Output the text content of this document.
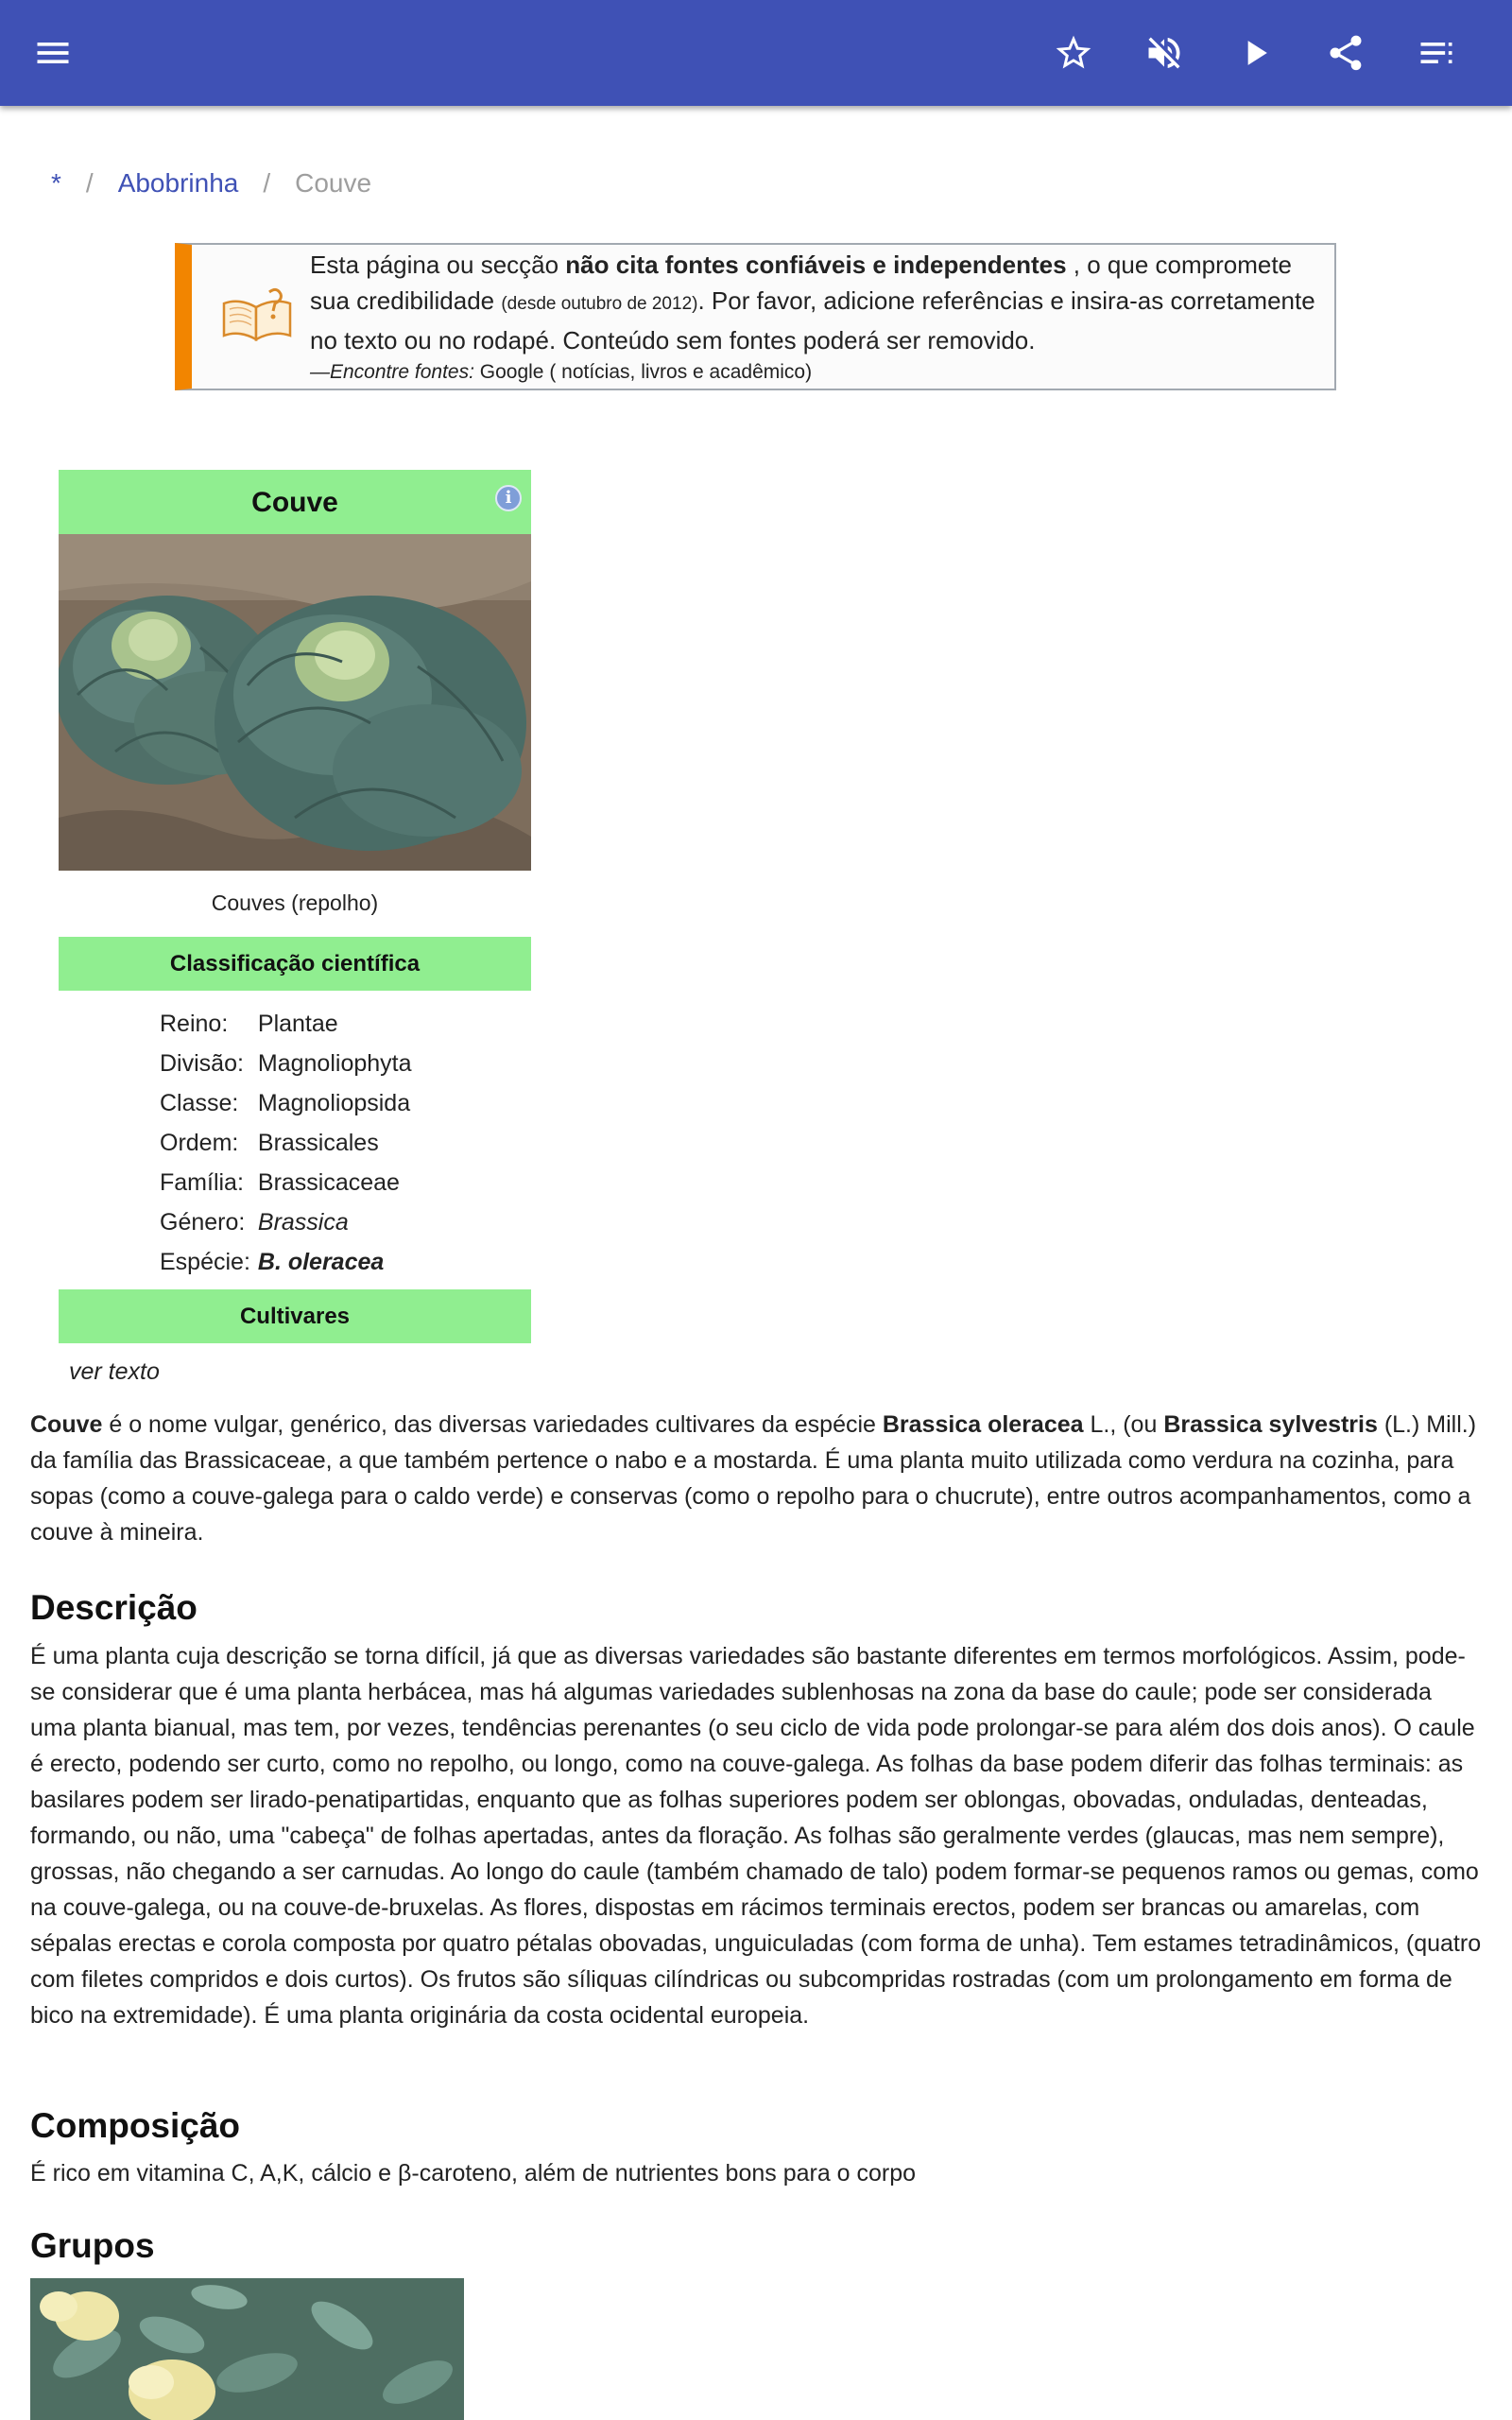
* / Abobrinha / Couve
Esta página ou secção não cita fontes confiáveis e independentes , o que compromete sua credibilidade (desde outubro de 2012). Por favor, adicione referências e insira-as corretamente no texto ou no rodapé. Conteúdo sem fontes poderá ser removido.
—Encontre fontes: Google ( notícias, livros e acadêmico)
Couve	i
Couves (repolho)
Classificação científica
Reino:	Plantae
Divisão:	Magnoliophyta
Classe:	Magnoliopsida
Ordem:	Brassicales
Família:	Brassicaceae
Género:	Brassica
Espécie:	B. oleracea
Cultivares
ver texto
Couve é o nome vulgar, genérico, das diversas variedades cultivares da espécie Brassica oleracea L., (ou Brassica sylvestris (L.) Mill.) da família das Brassicaceae, a que também pertence o nabo e a mostarda. É uma planta muito utilizada como verdura na cozinha, para sopas (como a couve-galega para o caldo verde) e conservas (como o repolho para o chucrute), entre outros acompanhamentos, como a couve à mineira.
Descrição
É uma planta cuja descrição se torna difícil, já que as diversas variedades são bastante diferentes em termos morfológicos. Assim, pode-se considerar que é uma planta herbácea, mas há algumas variedades sublenhosas na zona da base do caule; pode ser considerada uma planta bianual, mas tem, por vezes, tendências perenantes (o seu ciclo de vida pode prolongar-se para além dos dois anos). O caule é erecto, podendo ser curto, como no repolho, ou longo, como na couve-galega. As folhas da base podem diferir das folhas terminais: as basilares podem ser lirado-penatipartidas, enquanto que as folhas superiores podem ser oblongas, obovadas, onduladas, denteadas, formando, ou não, uma "cabeça" de folhas apertadas, antes da floração. As folhas são geralmente verdes (glaucas, mas nem sempre), grossas, não chegando a ser carnudas. Ao longo do caule (também chamado de talo) podem formar-se pequenos ramos ou gemas, como na couve-galega, ou na couve-de-bruxelas. As flores, dispostas em rácimos terminais erectos, podem ser brancas ou amarelas, com sépalas erectas e corola composta por quatro pétalas obovadas, unguiculadas (com forma de unha). Tem estames tetradinâmicos, (quatro com filetes compridos e dois curtos). Os frutos são síliquas cilíndricas ou subcompridas rostradas (com um prolongamento em forma de bico na extremidade). É uma planta originária da costa ocidental europeia.
Composição
É rico em vitamina C, A,K, cálcio e β-caroteno, além de nutrientes bons para o corpo
Grupos
